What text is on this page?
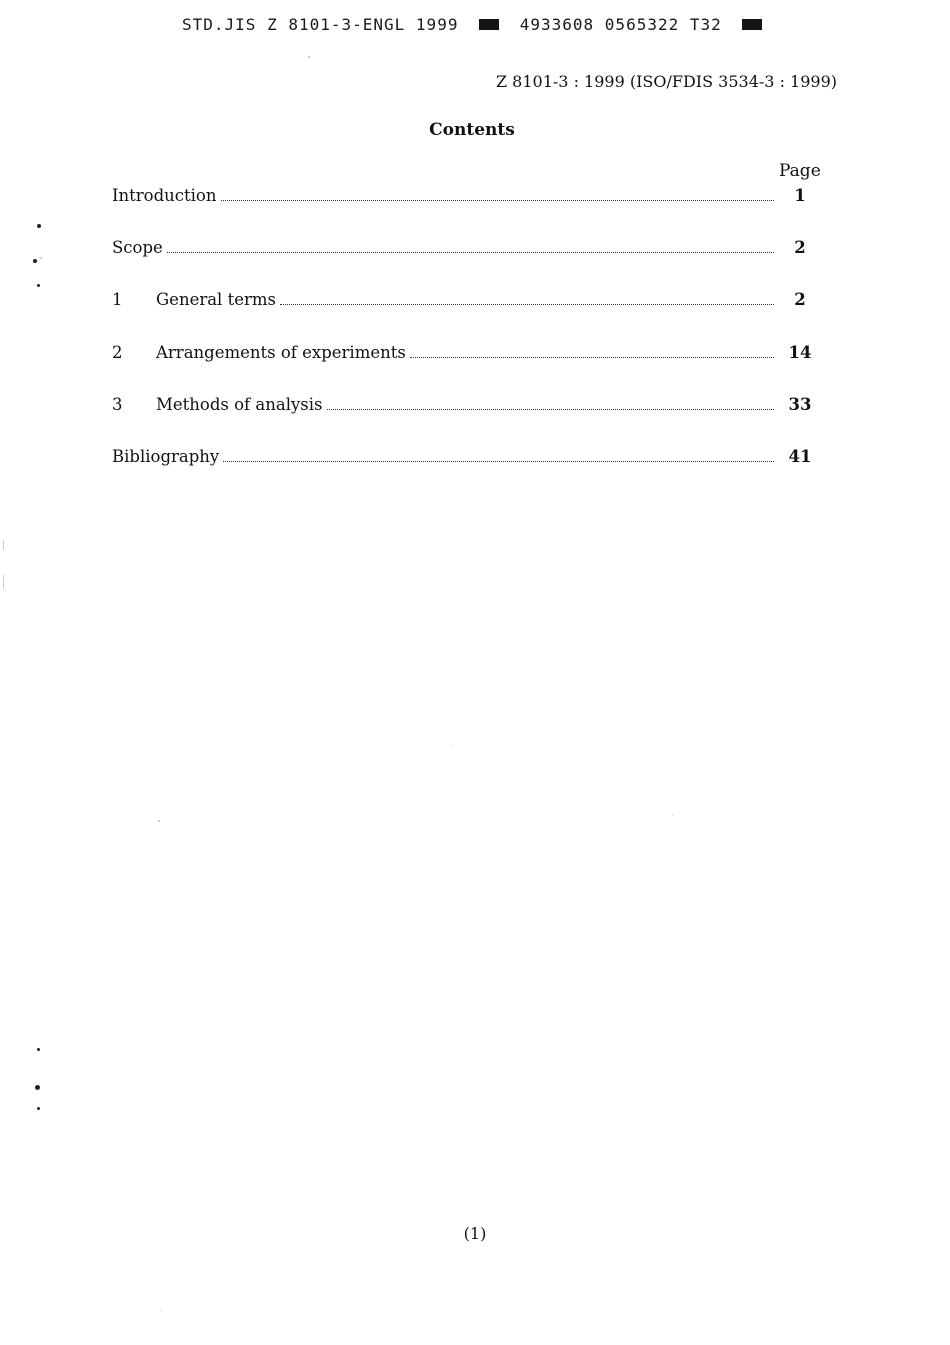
STD.JIS Z 8101-3-ENGL 1999	4933608 0565322 T32
Z 8101-3 : 1999 (ISO/FDIS 3534-3 : 1999)
Contents
Page
Introduction	1
Scope	2
1	General terms	2
2	Arrangements of experiments	14
3	Methods of analysis	33
Bibliography	41
(1)
